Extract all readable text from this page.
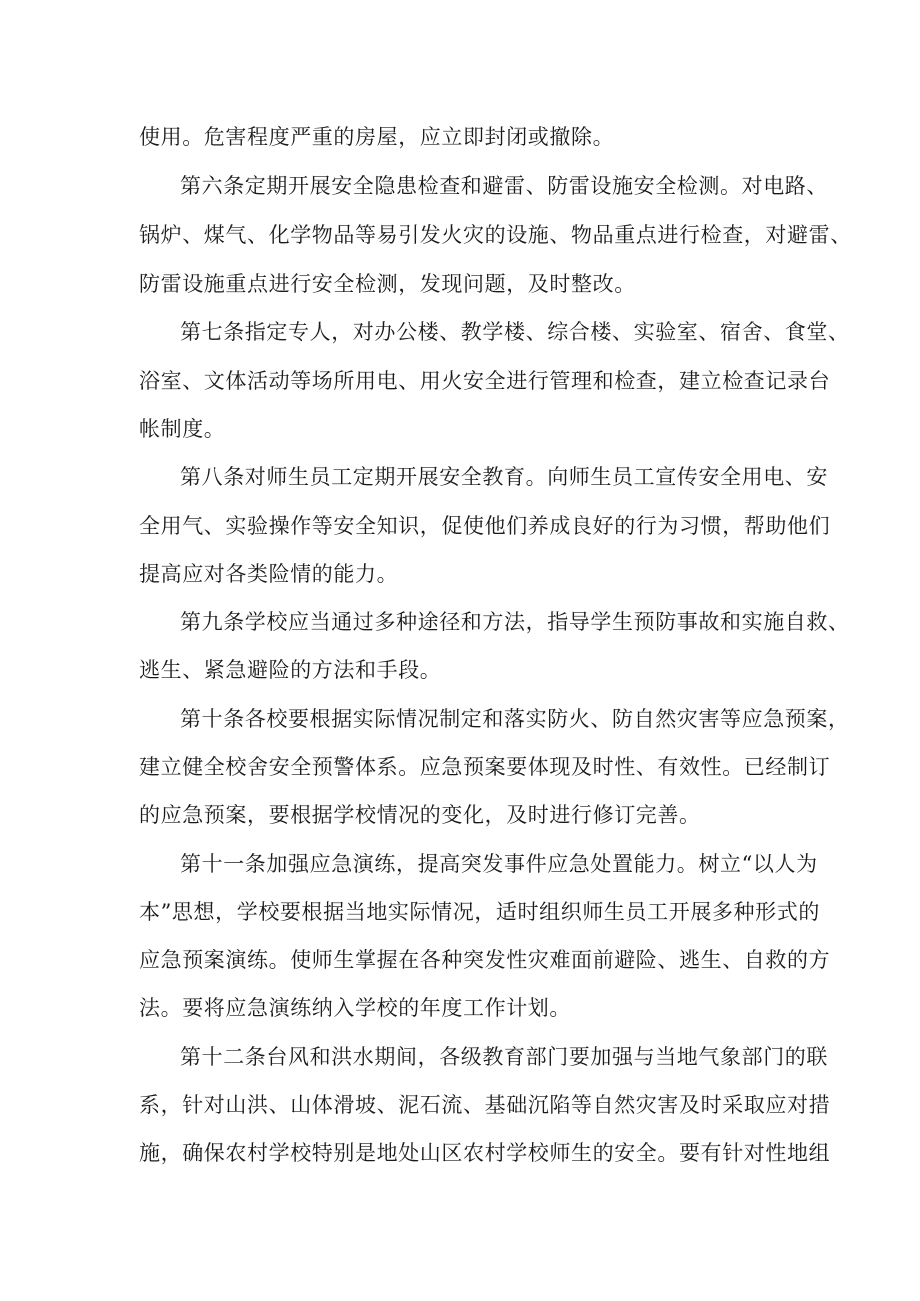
使用。危害程度严重的房屋，应立即封闭或撤除。
第六条定期开展安全隐患检查和避雷、防雷设施安全检测。对电路、
锅炉、煤气、化学物品等易引发火灾的设施、物品重点进行检查，对避雷、
防雷设施重点进行安全检测，发现问题，及时整改。
第七条指定专人，对办公楼、教学楼、综合楼、实验室、宿舍、食堂、
浴室、文体活动等场所用电、用火安全进行管理和检查，建立检查记录台
帐制度。
第八条对师生员工定期开展安全教育。向师生员工宣传安全用电、安
全用气、实验操作等安全知识，促使他们养成良好的行为习惯，帮助他们
提高应对各类险情的能力。
第九条学校应当通过多种途径和方法，指导学生预防事故和实施自救、
逃生、紧急避险的方法和手段。
第十条各校要根据实际情况制定和落实防火、防自然灾害等应急预案，
建立健全校舍安全预警体系。应急预案要体现及时性、有效性。已经制订
的应急预案，要根据学校情况的变化，及时进行修订完善。
第十一条加强应急演练，提高突发事件应急处置能力。树立“以人为
本”思想，学校要根据当地实际情况，适时组织师生员工开展多种形式的
应急预案演练。使师生掌握在各种突发性灾难面前避险、逃生、自救的方
法。要将应急演练纳入学校的年度工作计划。
第十二条台风和洪水期间，各级教育部门要加强与当地气象部门的联
系，针对山洪、山体滑坡、泥石流、基础沉陷等自然灾害及时采取应对措
施，确保农村学校特别是地处山区农村学校师生的安全。要有针对性地组
